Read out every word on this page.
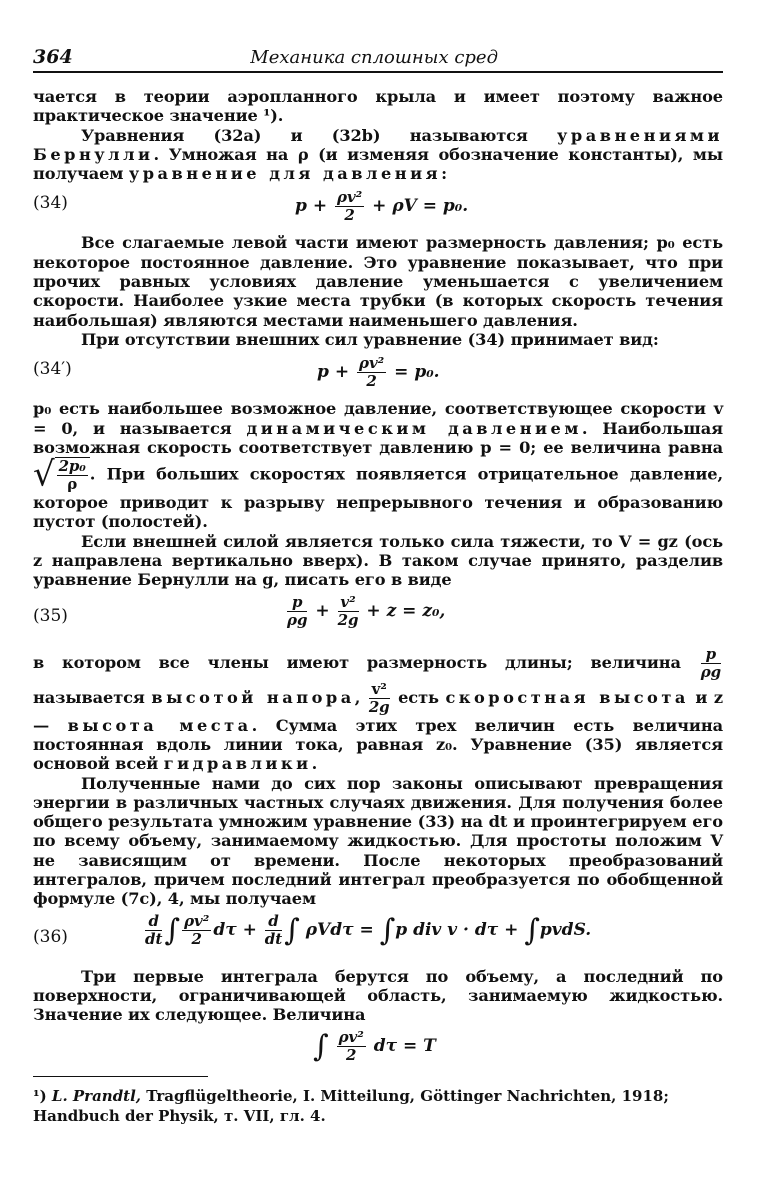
364	Механика сплошных сред

чается в теории аэропланного крыла и имеет поэтому важное практическое значение ¹).

Уравнения (32a) и (32b) называются уравнениями Бернулли. Умножая на ρ (и изменяя обозначение константы), мы получаем уравнение для давления:

(34)	$p + \frac{\text{ρv²}}{2} + \rho V = p_0$.

Все слагаемые левой части имеют размерность давления; p₀ есть некоторое постоянное давление. Это уравнение показывает, что при прочих равных условиях давление уменьшается с увеличением скорости. Наиболее узкие места трубки (в которых скорость течения наибольшая) являются местами наименьшего давления.

При отсутствии внешних сил уравнение (34) принимает вид:

(34′)	$p + \frac{\text{ρv²}}{2} = p_0$.

p₀ есть наибольшее возможное давление, соответствующее скорости v = 0, и называется динамическим давлением. Наибольшая возможная скорость соответствует давлению p = 0; ее величина равна √ $\frac{\text{2p₀}}{\rho}$ . При больших скоростях появляется отрицательное давление, которое приводит к разрыву непрерывного течения и образованию пустот (полостей).

Если внешней силой является только сила тяжести, то V = gz (ось z направлена вертикально вверх). В таком случае принято, разделив уравнение Бернулли на g, писать его в виде

(35)	$\frac{p}{\rho g} + \frac{\text{v²}}{2g} + z = z_0$,

в котором все члены имеют размерность длины; величина $\frac{p}{\rho g}$
называется высотой напора, $\frac{\text{v²}}{2g}$ есть скоростная высота и z — высота места. Сумма этих трех величин есть величина постоянная вдоль линии тока, равная z₀. Уравнение (35) является основой всей гидравлики.

Полученные нами до сих пор законы описывают превращения энергии в различных частных случаях движения. Для получения более общего результата умножим уравнение (33) на dt и проинтегрируем его по всему объему, занимаемому жидкостью. Для простоты положим V не зависящим от времени. После некоторых преобразований интегралов, причем последний интеграл преобразуется по обобщенной формуле (7c), 4, мы получаем

(36)	$\frac{d}{dt}$ ∫ $\frac{\text{ρv²}}{2}$ $d\tau + \frac{d}{dt}$ ∫ ρVdτ = ∫p div v · dτ + ∫pvdS.

Три первые интеграла берутся по объему, а последний по поверхности, ограничивающей область, занимаемую жидкостью. Значение их следующее. Величина

∫ $\frac{\text{ρv²}}{2}$ dτ = T
¹) L. Prandtl, Tragflügeltheorie, I. Mitteilung, Göttinger Nachrichten, 1918; Handbuch der Physik, т. VII, гл. 4.
